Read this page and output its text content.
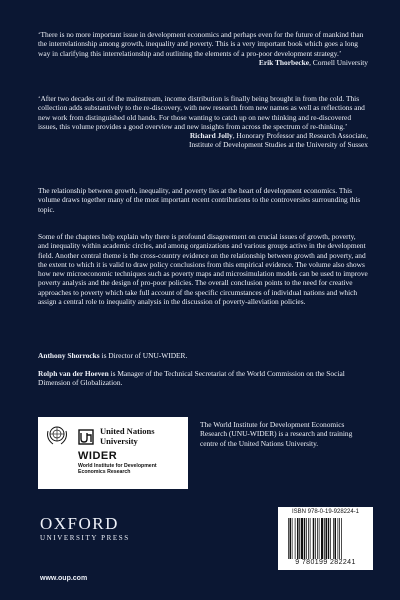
‘There is no more important issue in development economics and perhaps even for the future of mankind than the interrelationship among growth, inequality and poverty. This is a very important book which goes a long way in clarifying this interrelationship and outlining the elements of a pro-poor development strategy.’

Erik Thorbecke, Cornell University

‘After two decades out of the mainstream, income distribution is finally being brought in from the cold. This collection adds substantively to the re-discovery, with new research from new names as well as reflections and new work from distinguished old hands. For those wanting to catch up on new thinking and re-discovered issues, this volume provides a good overview and new insights from across the spectrum of re-thinking.’

Richard Jolly, Honorary Professor and Research Associate,

Institute of Development Studies at the University of Sussex

The relationship between growth, inequality, and poverty lies at the heart of development economics. This volume draws together many of the most important recent contributions to the controversies surrounding this topic.

Some of the chapters help explain why there is profound disagreement on crucial issues of growth, poverty, and inequality within academic circles, and among organizations and various groups active in the development field. Another central theme is the cross-country evidence on the relationship between growth and poverty, and the extent to which it is valid to draw policy conclusions from this empirical evidence. The volume also shows how new microeconomic techniques such as poverty maps and microsimulation models can be used to improve poverty analysis and the design of pro-poor policies. The overall conclusion points to the need for creative approaches to poverty which take full account of the specific circumstances of individual nations and which assign a central role to inequality analysis in the discussion of poverty-alleviation policies.

Anthony Shorrocks is Director of UNU-WIDER.

Rolph van der Hoeven is Manager of the Technical Secretariat of the World Commission on the Social Dimension of Globalization.

United Nations
University
WIDER
World Institute for Development
Economics Research

The World Institute for Development Economics Research (UNU-WIDER) is a research and training centre of the United Nations University.

OXFORD
UNIVERSITY PRESS
www.oup.com
ISBN 978-0-19-928224-1
9 780199 282241
